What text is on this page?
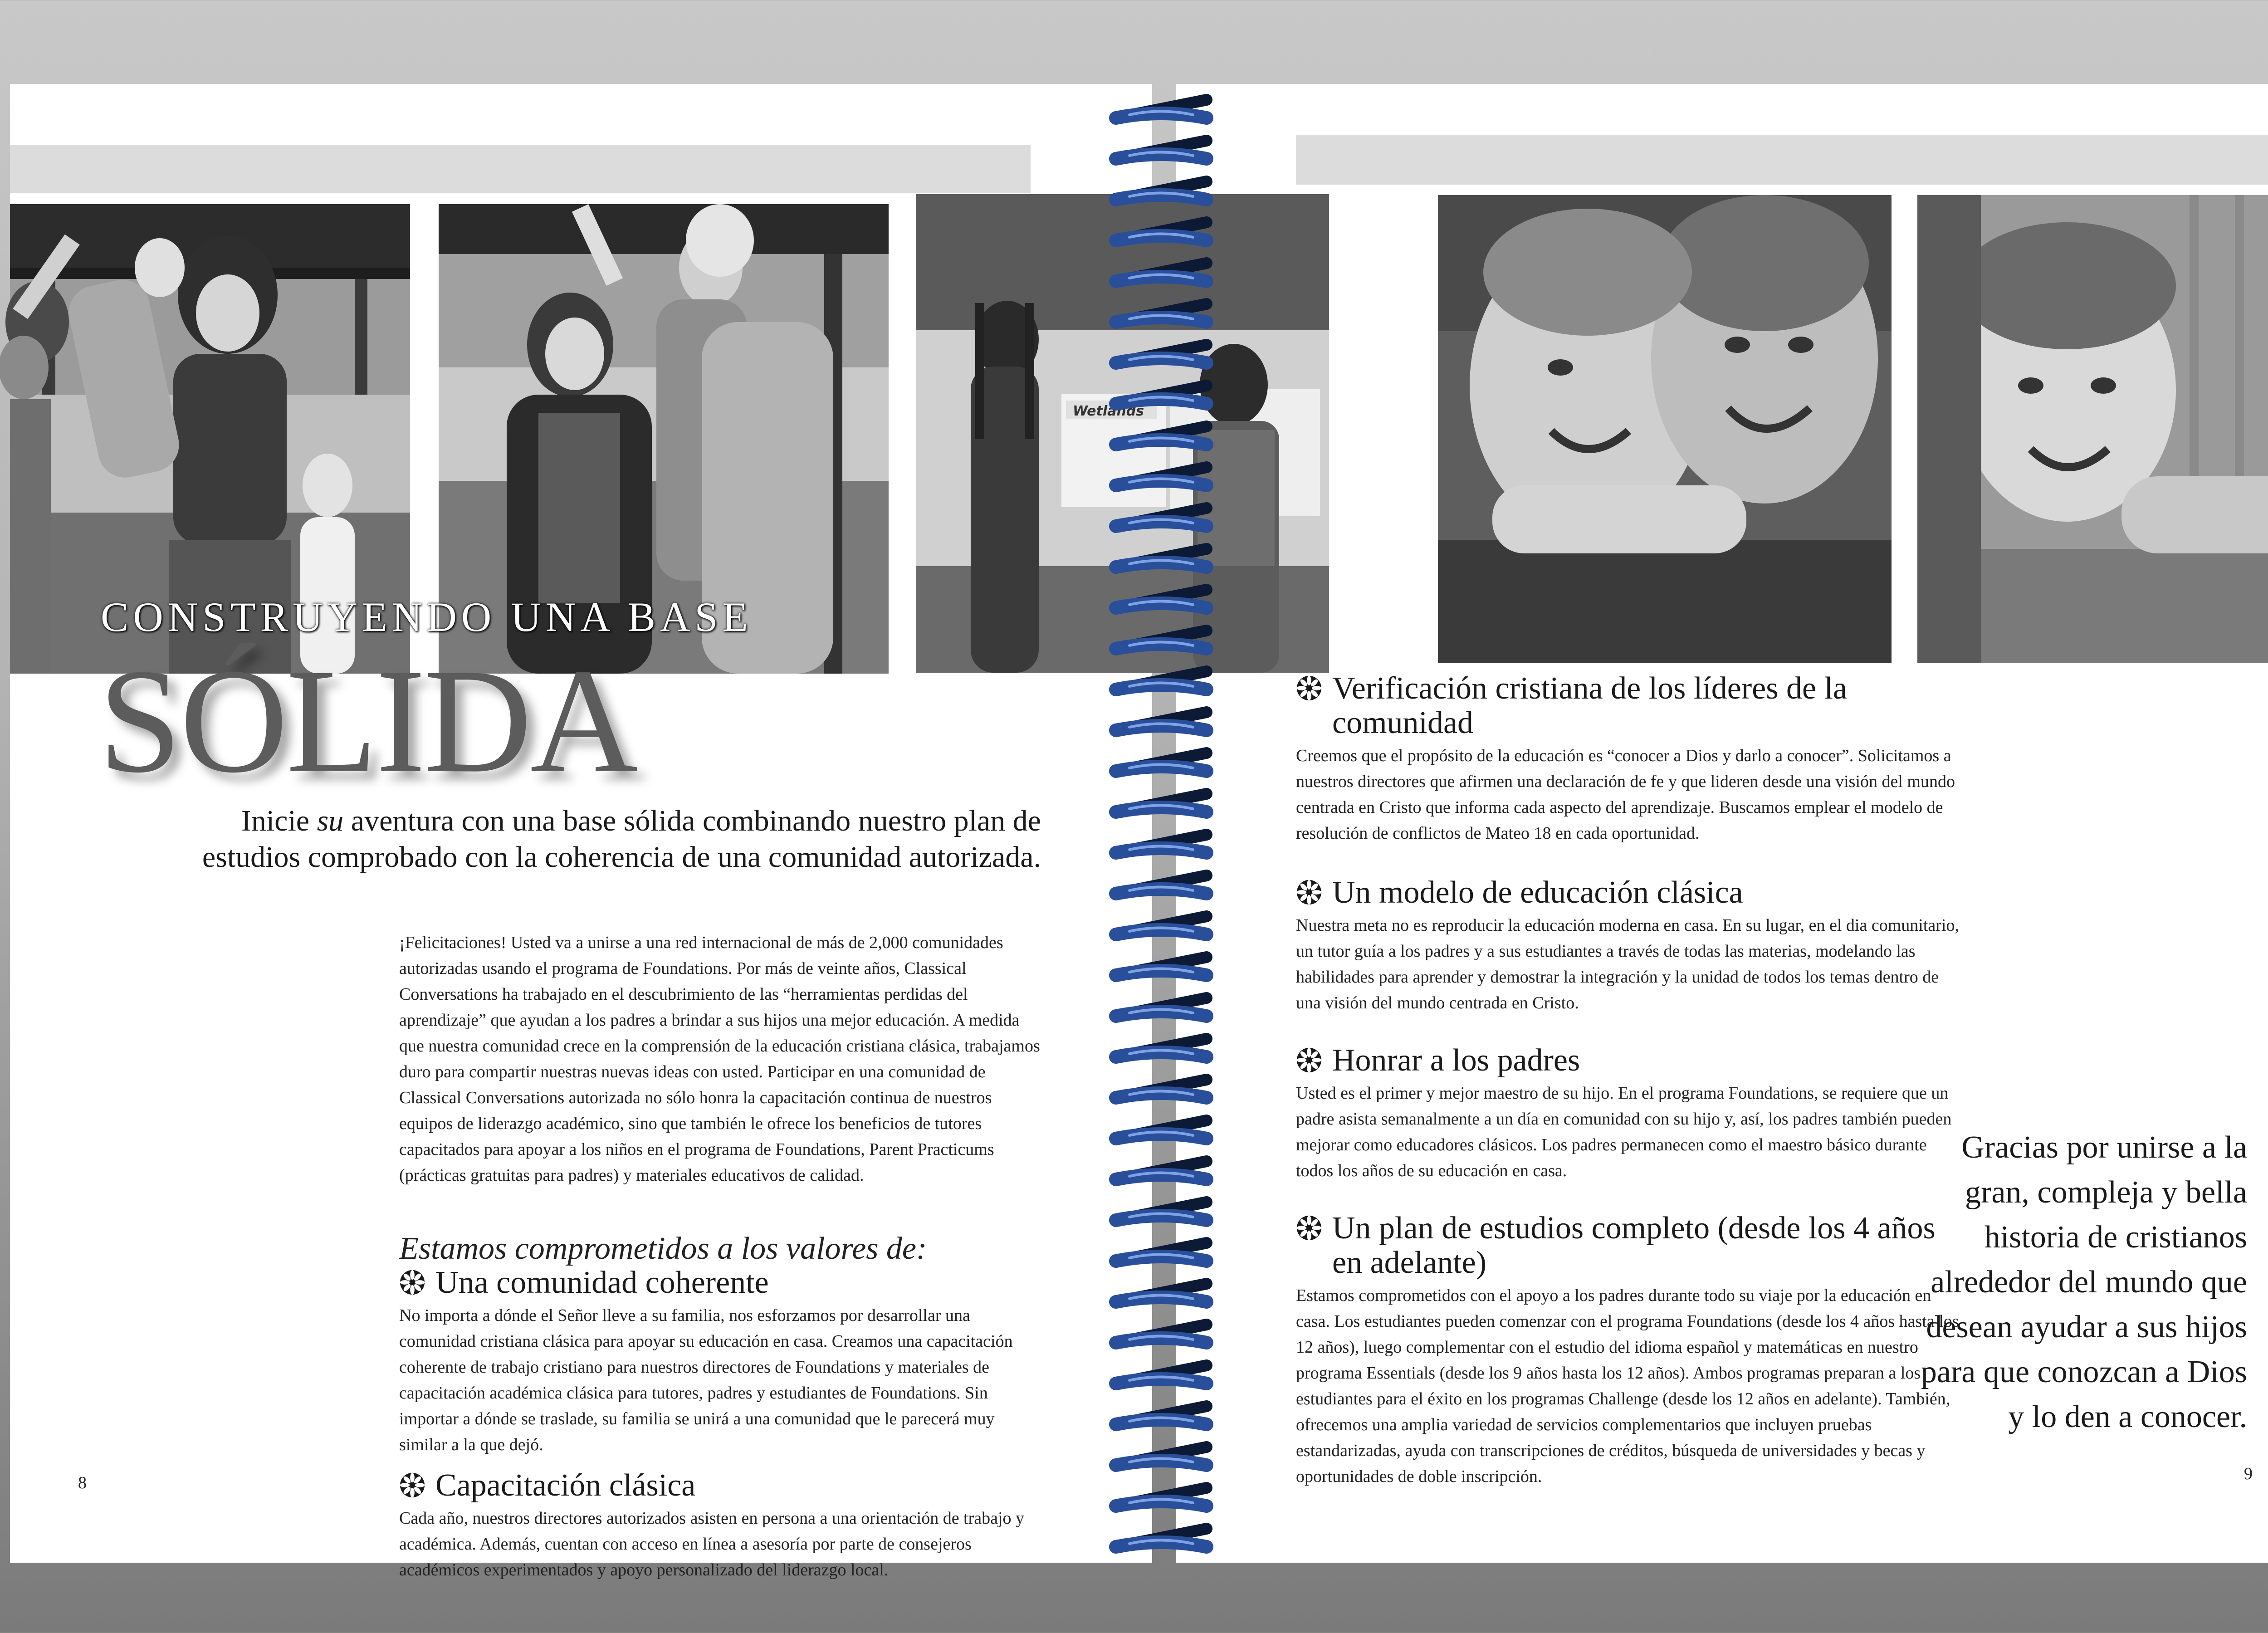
CONSTRUYENDO UNA BASE
SÓLIDA
Inicie su aventura con una base sólida combinando nuestro plan de estudios comprobado con la coherencia de una comunidad autorizada.

¡Felicitaciones! Usted va a unirse a una red internacional de más de 2,000 comunidades autorizadas usando el programa de Foundations. Por más de veinte años, Classical Conversations ha trabajado en el descubrimiento de las “herramientas perdidas del aprendizaje” que ayudan a los padres a brindar a sus hijos una mejor educación. A medida que nuestra comunidad crece en la comprensión de la educación cristiana clásica, trabajamos duro para compartir nuestras nuevas ideas con usted. Participar en una comunidad de Classical Conversations autorizada no sólo honra la capacitación continua de nuestros equipos de liderazgo académico, sino que también le ofrece los beneficios de tutores capacitados para apoyar a los niños en el programa de Foundations, Parent Practicums (prácticas gratuitas para padres) y materiales educativos de calidad.

Estamos comprometidos a los valores de:
Una comunidad coherente

No importa a dónde el Señor lleve a su familia, nos esforzamos por desarrollar una comunidad cristiana clásica para apoyar su educación en casa. Creamos una capacitación coherente de trabajo cristiano para nuestros directores de Foundations y materiales de capacitación académica clásica para tutores, padres y estudiantes de Foundations. Sin importar a dónde se traslade, su familia se unirá a una comunidad que le parecerá muy similar a la que dejó.

Capacitación clásica

Cada año, nuestros directores autorizados asisten en persona a una orientación de trabajo y académica. Además, cuentan con acceso en línea a asesoría por parte de consejeros académicos experimentados y apoyo personalizado del liderazgo local.

8
Verificación cristiana de los líderes de la comunidad

Creemos que el propósito de la educación es “conocer a Dios y darlo a conocer”. Solicitamos a nuestros directores que afirmen una declaración de fe y que lideren desde una visión del mundo centrada en Cristo que informa cada aspecto del aprendizaje. Buscamos emplear el modelo de resolución de conflictos de Mateo 18 en cada oportunidad.

Un modelo de educación clásica

Nuestra meta no es reproducir la educación moderna en casa. En su lugar, en el dia comunitario, un tutor guía a los padres y a sus estudiantes a través de todas las materias, modelando las habilidades para aprender y demostrar la integración y la unidad de todos los temas dentro de una visión del mundo centrada en Cristo.

Honrar a los padres

Usted es el primer y mejor maestro de su hijo. En el programa Foundations, se requiere que un padre asista semanalmente a un día en comunidad con su hijo y, así, los padres también pueden mejorar como educadores clásicos. Los padres permanecen como el maestro básico durante todos los años de su educación en casa.

Un plan de estudios completo (desde los 4 años en adelante)

Estamos comprometidos con el apoyo a los padres durante todo su viaje por la educación en casa. Los estudiantes pueden comenzar con el programa Foundations (desde los 4 años hasta los 12 años), luego complementar con el estudio del idioma español y matemáticas en nuestro programa Essentials (desde los 9 años hasta los 12 años). Ambos programas preparan a los estudiantes para el éxito en los programas Challenge (desde los 12 años en adelante). También, ofrecemos una amplia variedad de servicios complementarios que incluyen pruebas estandarizadas, ayuda con transcripciones de créditos, búsqueda de universidades y becas y oportunidades de doble inscripción.

Gracias por unirse a la gran, compleja y bella historia de cristianos alrededor del mundo que desean ayudar a sus hijos para que conozcan a Dios y lo den a conocer.
9
Wetlands
